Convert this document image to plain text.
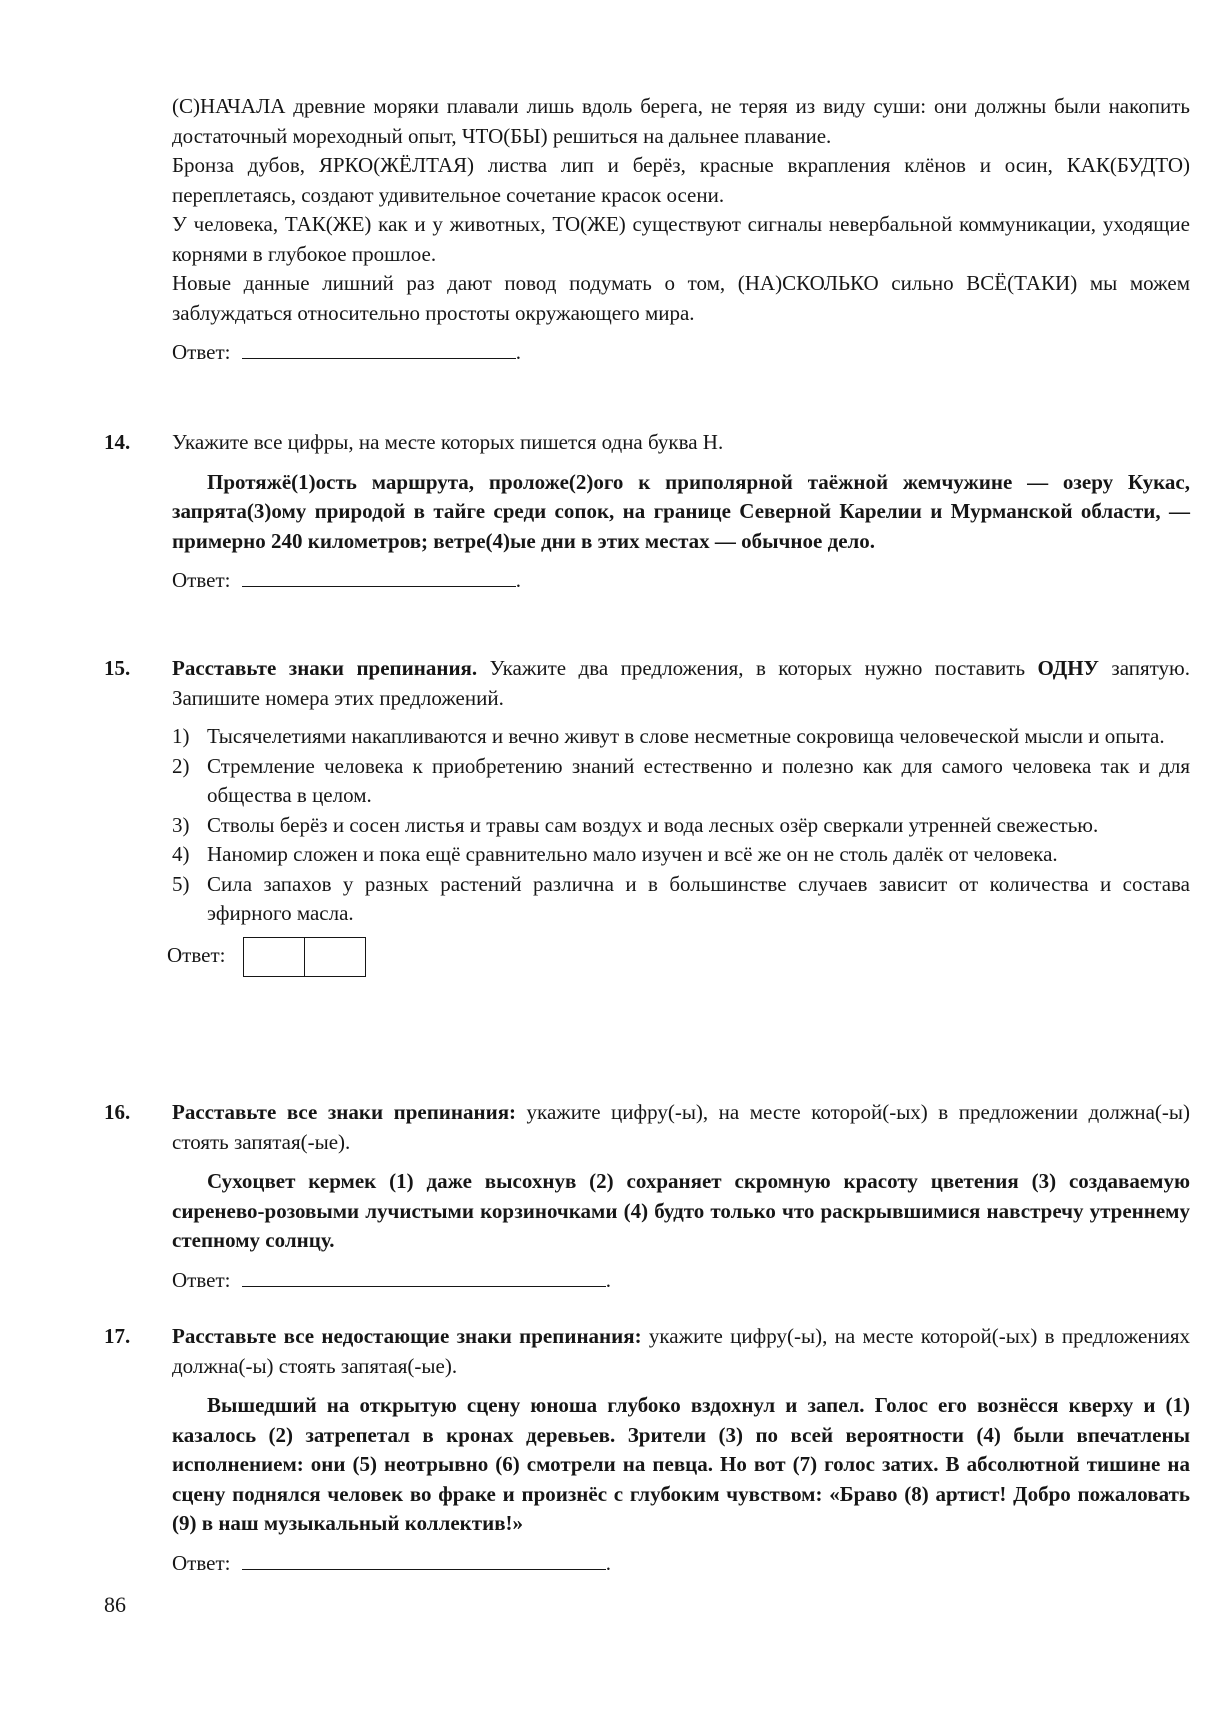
(С)НАЧАЛА древние моряки плавали лишь вдоль берега, не теряя из виду суши: они должны были накопить достаточный мореходный опыт, ЧТО(БЫ) решиться на дальнее плавание.
Бронза дубов, ЯРКО(ЖЁЛТАЯ) листва лип и берёз, красные вкрапления клёнов и осин, КАК(БУДТО) переплетаясь, создают удивительное сочетание красок осени.
У человека, ТАК(ЖЕ) как и у животных, ТО(ЖЕ) существуют сигналы невербальной коммуникации, уходящие корнями в глубокое прошлое.
Новые данные лишний раз дают повод подумать о том, (НА)СКОЛЬКО сильно ВСЁ(ТАКИ) мы можем заблуждаться относительно простоты окружающего мира.
Ответ:	.
14. Укажите все цифры, на месте которых пишется одна буква Н.
Протяжё(1)ость маршрута, проложе(2)ого к приполярной таёжной жемчужине — озеру Кукас, запрята(3)ому природой в тайге среди сопок, на границе Северной Карелии и Мурманской области, — примерно 240 километров; ветре(4)ые дни в этих местах — обычное дело.
Ответ:	.
15. Расставьте знаки препинания. Укажите два предложения, в которых нужно поставить ОДНУ запятую. Запишите номера этих предложений.
1) Тысячелетиями накапливаются и вечно живут в слове несметные сокровища человеческой мысли и опыта.
2) Стремление человека к приобретению знаний естественно и полезно как для самого человека так и для общества в целом.
3) Стволы берёз и сосен листья и травы сам воздух и вода лесных озёр сверкали утренней свежестью.
4) Наномир сложен и пока ещё сравнительно мало изучен и всё же он не столь далёк от человека.
5) Сила запахов у разных растений различна и в большинстве случаев зависит от количества и состава эфирного масла.
Ответ:
16. Расставьте все знаки препинания: укажите цифру(-ы), на месте которой(-ых) в предложении должна(-ы) стоять запятая(-ые).
Сухоцвет кермек (1) даже высохнув (2) сохраняет скромную красоту цветения (3) создаваемую сиренево-розовыми лучистыми корзиночками (4) будто только что раскрывшимися навстречу утреннему степному солнцу.
Ответ:	.
17. Расставьте все недостающие знаки препинания: укажите цифру(-ы), на месте которой(-ых) в предложениях должна(-ы) стоять запятая(-ые).
Вышедший на открытую сцену юноша глубоко вздохнул и запел. Голос его вознёсся кверху и (1) казалось (2) затрепетал в кронах деревьев. Зрители (3) по всей вероятности (4) были впечатлены исполнением: они (5) неотрывно (6) смотрели на певца. Но вот (7) голос затих. В абсолютной тишине на сцену поднялся человек во фраке и произнёс с глубоким чувством: «Браво (8) артист! Добро пожаловать (9) в наш музыкальный коллектив!»
Ответ:	.
86
